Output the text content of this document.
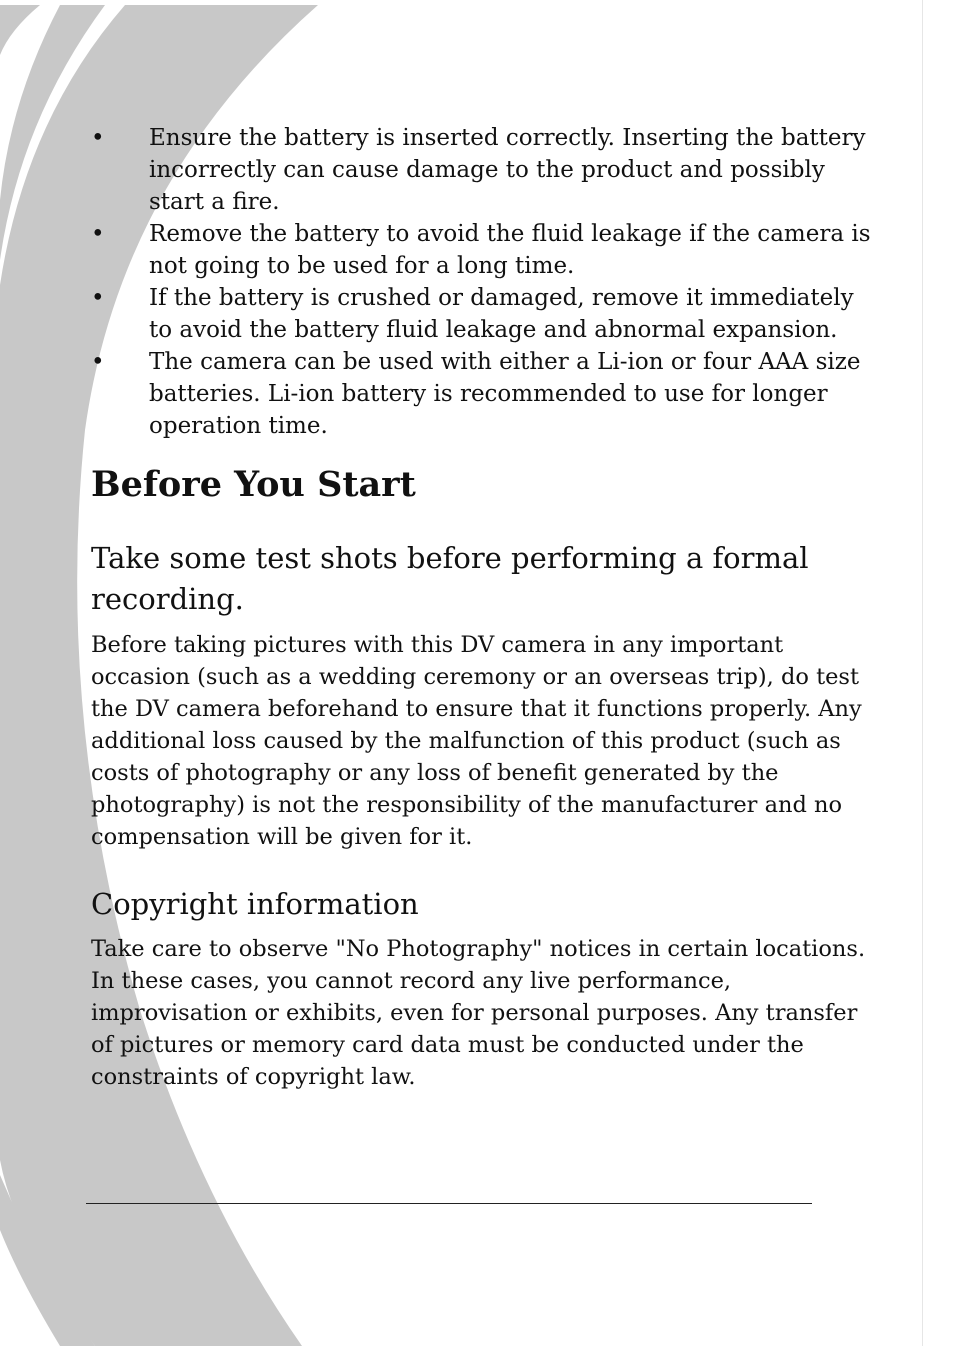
• Ensure the battery is inserted correctly. Inserting the battery incorrectly can cause damage to the product and possibly start a fire.
• Remove the battery to avoid the fluid leakage if the camera is not going to be used for a long time.
• If the battery is crushed or damaged, remove it immediately to avoid the battery fluid leakage and abnormal expansion.
• The camera can be used with either a Li-ion or four AAA size batteries. Li-ion battery is recommended to use for longer operation time.
Before You Start
Take some test shots before performing a formal recording.

Before taking pictures with this DV camera in any important occasion (such as a wedding ceremony or an overseas trip), do test the DV camera beforehand to ensure that it functions properly. Any additional loss caused by the malfunction of this product (such as costs of photography or any loss of benefit generated by the photography) is not the responsibility of the manufacturer and no compensation will be given for it.

Copyright information

Take care to observe "No Photography" notices in certain locations. In these cases, you cannot record any live performance, improvisation or exhibits, even for personal purposes. Any transfer of pictures or memory card data must be conducted under the constraints of copyright law.
